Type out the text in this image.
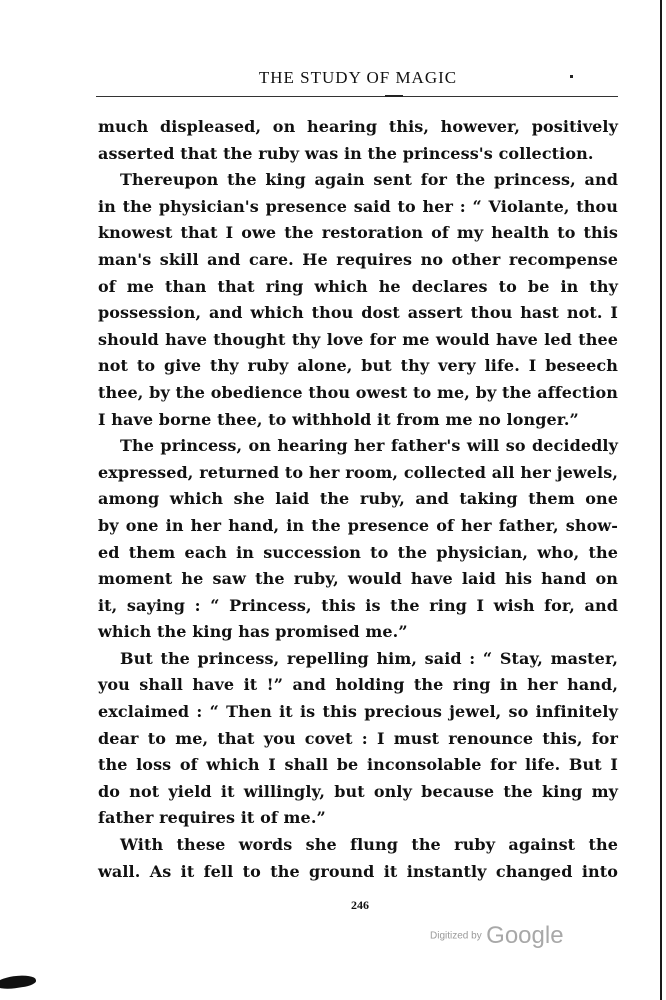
THE STUDY OF MAGIC
much displeased, on hearing this, however, positively
asserted that the ruby was in the princess's collection.
Thereupon the king again sent for the princess, and
in the physician's presence said to her : “ Violante, thou
knowest that I owe the restoration of my health to this
man's skill and care. He requires no other recompense
of me than that ring which he declares to be in thy
possession, and which thou dost assert thou hast not. I
should have thought thy love for me would have led thee
not to give thy ruby alone, but thy very life. I beseech
thee, by the obedience thou owest to me, by the affection
I have borne thee, to withhold it from me no longer.”
The princess, on hearing her father's will so decidedly
expressed, returned to her room, collected all her jewels,
among which she laid the ruby, and taking them one
by one in her hand, in the presence of her father, show-
ed them each in succession to the physician, who, the
moment he saw the ruby, would have laid his hand on
it, saying : “ Princess, this is the ring I wish for, and
which the king has promised me.”
But the princess, repelling him, said : “ Stay, master,
you shall have it !” and holding the ring in her hand,
exclaimed : “ Then it is this precious jewel, so infinitely
dear to me, that you covet : I must renounce this, for
the loss of which I shall be inconsolable for life. But I
do not yield it willingly, but only because the king my
father requires it of me.”
With these words she flung the ruby against the
wall. As it fell to the ground it instantly changed into
246
Digitized by Google
